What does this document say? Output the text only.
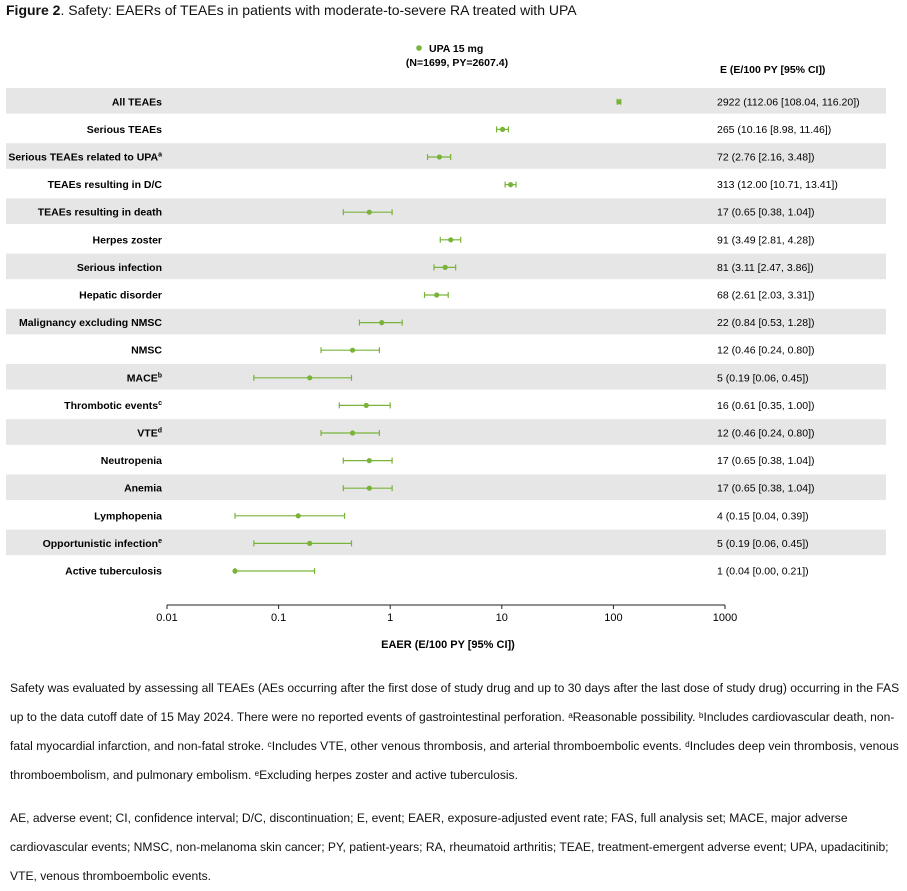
Figure 2. Safety: EAERs of TEAEs in patients with moderate-to-severe RA treated with UPA
UPA 15 mg
(N=1699, PY=2607.4)
E (E/100 PY [95% CI])
All TEAEs	2922 (112.06 [108.04, 116.20])
Serious TEAEs	265 (10.16 [8.98, 11.46])
Serious TEAEs related to UPA$^a$	72 (2.76 [2.16, 3.48])
TEAEs resulting in D/C	313 (12.00 [10.71, 13.41])
TEAEs resulting in death	17 (0.65 [0.38, 1.04])
Herpes zoster	91 (3.49 [2.81, 4.28])
Serious infection	81 (3.11 [2.47, 3.86])
Hepatic disorder	68 (2.61 [2.03, 3.31])
Malignancy excluding NMSC	22 (0.84 [0.53, 1.28])
NMSC	12 (0.46 [0.24, 0.80])
MACE$^b$	5 (0.19 [0.06, 0.45])
Thrombotic events$^c$	16 (0.61 [0.35, 1.00])
VTE$^d$	12 (0.46 [0.24, 0.80])
Neutropenia	17 (0.65 [0.38, 1.04])
Anemia	17 (0.65 [0.38, 1.04])
Lymphopenia	4 (0.15 [0.04, 0.39])
Opportunistic infection$^e$	5 (0.19 [0.06, 0.45])
Active tuberculosis	1 (0.04 [0.00, 0.21])
0.01	0.1	1	10	100	1000
EAER (E/100 PY [95% CI])

Safety was evaluated by assessing all TEAEs (AEs occurring after the first dose of study drug and up to 30 days after the last dose of study drug) occurring in the FAS up to the data cutoff date of 15 May 2024. There were no reported events of gastrointestinal perforation. ᵃReasonable possibility. ᵇIncludes cardiovascular death, non-fatal myocardial infarction, and non-fatal stroke. ᶜIncludes VTE, other venous thrombosis, and arterial thromboembolic events. ᵈIncludes deep vein thrombosis, venous thromboembolism, and pulmonary embolism. ᵉExcluding herpes zoster and active tuberculosis.

AE, adverse event; CI, confidence interval; D/C, discontinuation; E, event; EAER, exposure-adjusted event rate; FAS, full analysis set; MACE, major adverse cardiovascular events; NMSC, non-melanoma skin cancer; PY, patient-years; RA, rheumatoid arthritis; TEAE, treatment-emergent adverse event; UPA, upadacitinib; VTE, venous thromboembolic events.
